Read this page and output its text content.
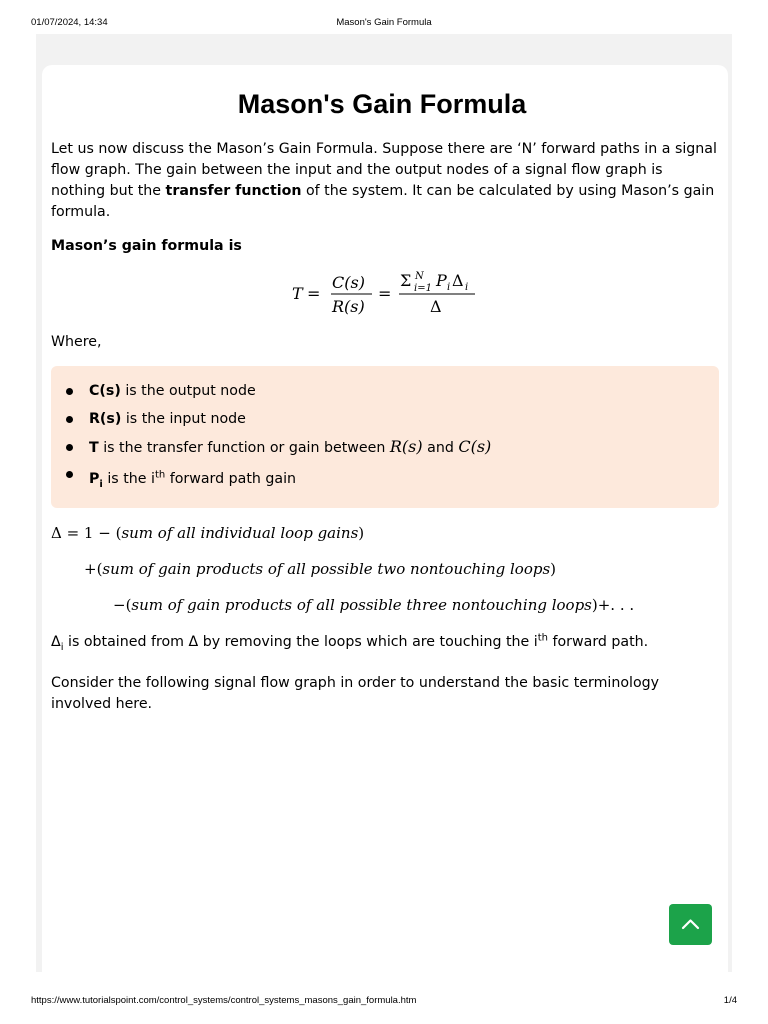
01/07/2024, 14:34	Mason's Gain Formula
Mason's Gain Formula

Let us now discuss the Mason’s Gain Formula. Suppose there are ‘N’ forward paths in a signal flow graph. The gain between the input and the output nodes of a signal flow graph is nothing but the transfer function of the system. It can be calculated by using Mason’s gain formula.

Mason’s gain formula is

T =
C(s)
R(s)
=
Σ N
i=1 P i Δ i
Δ

Where,

C(s) is the output node
R(s) is the input node
T is the transfer function or gain between R(s) and C(s)
$P_i$ is the $i^{th}$ forward path gain
Δ = 1 − (sum of all individual loop gains)
+(sum of gain products of all possible two nontouching loops)
−(sum of gain products of all possible three nontouching loops)+. . .

$\Delta_i$ is obtained from Δ by removing the loops which are touching the $i^{th}$ forward path.

Consider the following signal flow graph in order to understand the basic terminology involved here.

https://www.tutorialspoint.com/control_systems/control_systems_masons_gain_formula.htm	1/4
